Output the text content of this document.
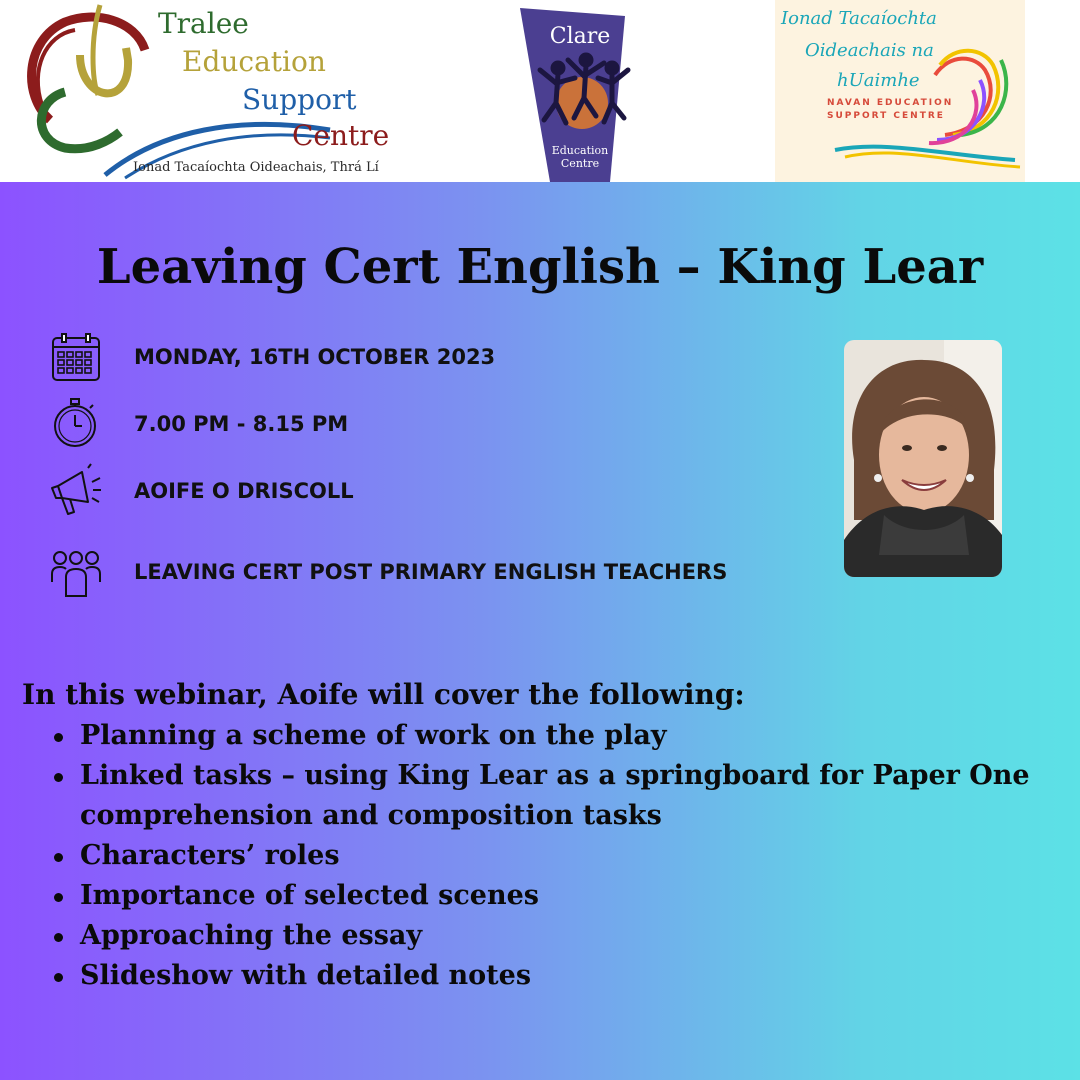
Tralee
Education
Support
Centre
Ionad Tacaíochta Oideachais, Thrá Lí
Clare
Education
Centre
Ionad Tacaíochta
Oideachais na
hUaimhe
NAVAN EDUCATION
SUPPORT CENTRE
Leaving Cert English – King Lear
MONDAY, 16TH OCTOBER 2023
7.00 PM - 8.15 PM
AOIFE O DRISCOLL
LEAVING CERT POST PRIMARY ENGLISH TEACHERS
In this webinar, Aoife will cover the following:
Planning a scheme of work on the play
Linked tasks – using King Lear as a springboard for Paper One comprehension and composition tasks
Characters’ roles
Importance of selected scenes
Approaching the essay
Slideshow with detailed notes
